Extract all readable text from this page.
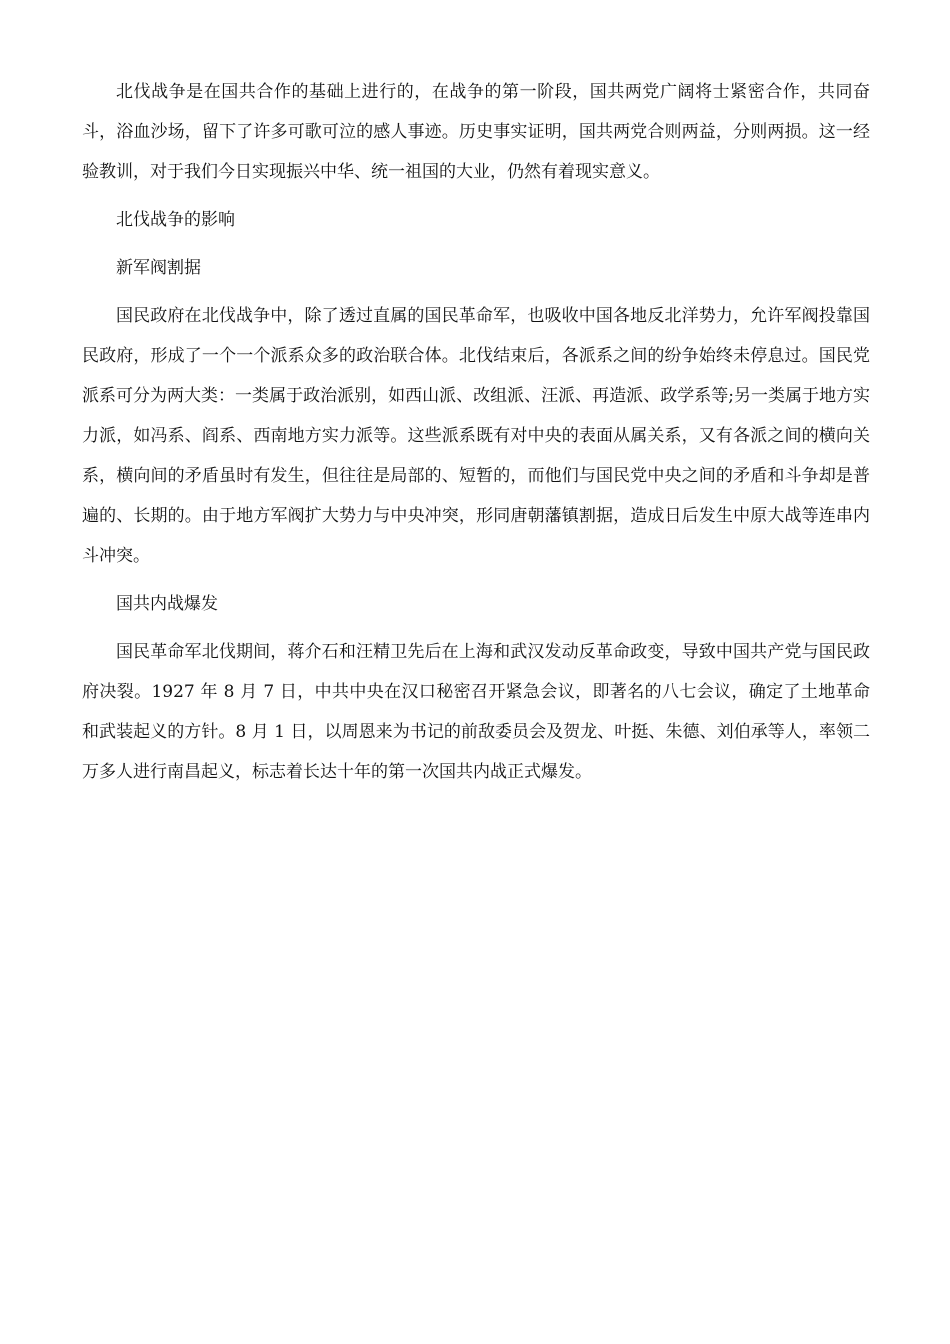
北伐战争是在国共合作的基础上进行的，在战争的第一阶段，国共两党广阔将士紧密合作，共同奋斗，浴血沙场，留下了许多可歌可泣的感人事迹。历史事实证明，国共两党合则两益，分则两损。这一经验教训，对于我们今日实现振兴中华、统一祖国的大业，仍然有着现实意义。

北伐战争的影响

新军阀割据

国民政府在北伐战争中，除了透过直属的国民革命军，也吸收中国各地反北洋势力，允许军阀投靠国民政府，形成了一个一个派系众多的政治联合体。北伐结束后，各派系之间的纷争始终未停息过。国民党派系可分为两大类：一类属于政治派别，如西山派、改组派、汪派、再造派、政学系等;另一类属于地方实力派，如冯系、阎系、西南地方实力派等。这些派系既有对中央的表面从属关系，又有各派之间的横向关系，横向间的矛盾虽时有发生，但往往是局部的、短暂的，而他们与国民党中央之间的矛盾和斗争却是普遍的、长期的。由于地方军阀扩大势力与中央冲突，形同唐朝藩镇割据，造成日后发生中原大战等连串内斗冲突。

国共内战爆发

国民革命军北伐期间，蒋介石和汪精卫先后在上海和武汉发动反革命政变，导致中国共产党与国民政府决裂。1927 年 8 月 7 日，中共中央在汉口秘密召开紧急会议，即著名的八七会议，确定了土地革命和武装起义的方针。8 月 1 日，以周恩来为书记的前敌委员会及贺龙、叶挺、朱德、刘伯承等人，率领二万多人进行南昌起义，标志着长达十年的第一次国共内战正式爆发。
